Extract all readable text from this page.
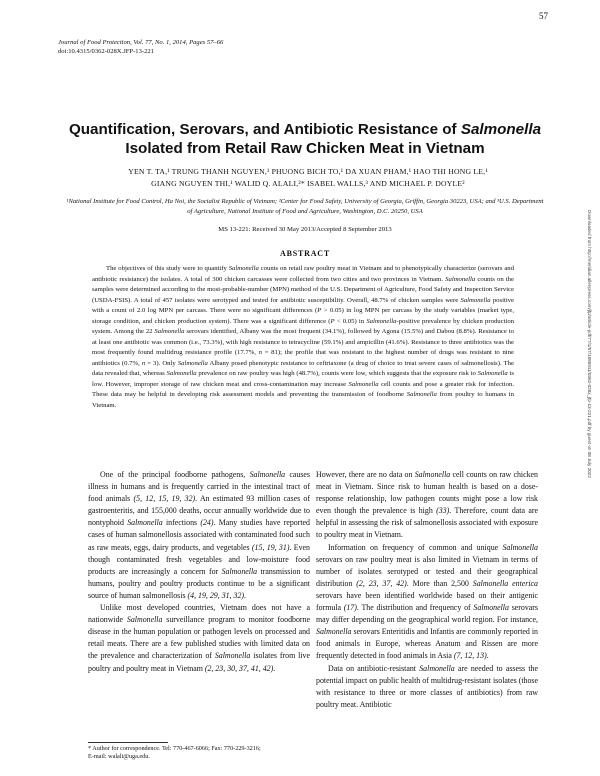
57
Journal of Food Protection, Vol. 77, No. 1, 2014, Pages 57–66
doi:10.4315/0362-028X.JFP-13-221
Quantification, Serovars, and Antibiotic Resistance of Salmonella
Isolated from Retail Raw Chicken Meat in Vietnam
YEN T. TA,¹ TRUNG THANH NGUYEN,¹ PHUONG BICH TO,¹ DA XUAN PHAM,¹ HAO THI HONG LE,¹
GIANG NGUYEN THI,¹ WALID Q. ALALI,²* ISABEL WALLS,³ AND MICHAEL P. DOYLE²
¹National Institute for Food Control, Ha Noi, the Socialist Republic of Vietnam; ²Center for Food Safety, University of Georgia, Griffin, Georgia 30223, USA; and ³U.S. Department of Agriculture, National Institute of Food and Agriculture, Washington, D.C. 20250, USA
MS 13-221: Received 30 May 2013/Accepted 8 September 2013
ABSTRACT
The objectives of this study were to quantify Salmonella counts on retail raw poultry meat in Vietnam and to phenotypically characterize (serovars and antibiotic resistance) the isolates. A total of 300 chicken carcasses were collected from two cities and two provinces in Vietnam. Salmonella counts on the samples were determined according to the most-probable-number (MPN) method of the U.S. Department of Agriculture, Food Safety and Inspection Service (USDA-FSIS). A total of 457 isolates were serotyped and tested for antibiotic susceptibility. Overall, 48.7% of chicken samples were Salmonella positive with a count of 2.0 log MPN per carcass. There were no significant differences (P > 0.05) in log MPN per carcass by the study variables (market type, storage condition, and chicken production system). There was a significant difference (P < 0.05) in Salmonella-positive prevalence by chicken production system. Among the 22 Salmonella serovars identified, Albany was the most frequent (34.1%), followed by Agona (15.5%) and Dabou (8.8%). Resistance to at least one antibiotic was common (i.e., 73.3%), with high resistance to tetracycline (59.1%) and ampicillin (41.6%). Resistance to three antibiotics was the most frequently found multidrug resistance profile (17.7%, n = 81); the profile that was resistant to the highest number of drugs was resistant to nine antibiotics (0.7%, n = 3). Only Salmonella Albany posed phenotypic resistance to ceftriaxone (a drug of choice to treat severe cases of salmonellosis). The data revealed that, whereas Salmonella prevalence on raw poultry was high (48.7%), counts were low, which suggests that the exposure risk to Salmonella is low. However, improper storage of raw chicken meat and cross-contamination may increase Salmonella cell counts and pose a greater risk for infection. These data may be helpful in developing risk assessment models and preventing the transmission of foodborne Salmonella from poultry to humans in Vietnam.

One of the principal foodborne pathogens, Salmonella causes illness in humans and is frequently carried in the intestinal tract of food animals (5, 12, 15, 19, 32). An estimated 93 million cases of gastroenteritis, and 155,000 deaths, occur annually worldwide due to nontyphoid Salmonella infections (24). Many studies have reported cases of human salmonellosis associated with contaminated food such as raw meats, eggs, dairy products, and vegetables (15, 19, 31). Even though contaminated fresh vegetables and low-moisture food products are increasingly a concern for Salmonella transmission to humans, poultry and poultry products continue to be a significant source of human salmonellosis (4, 19, 29, 31, 32).

Unlike most developed countries, Vietnam does not have a nationwide Salmonella surveillance program to monitor foodborne disease in the human population or pathogen levels on processed and retail meats. There are a few published studies with limited data on the prevalence and characterization of Salmonella isolates from live poultry and poultry meat in Vietnam (2, 23, 30, 37, 41, 42).

However, there are no data on Salmonella cell counts on raw chicken meat in Vietnam. Since risk to human health is based on a dose-response relationship, low pathogen counts might pose a low risk even though the prevalence is high (33). Therefore, count data are helpful in assessing the risk of salmonellosis associated with exposure to poultry meat in Vietnam.

Information on frequency of common and unique Salmonella serovars on raw poultry meat is also limited in Vietnam in terms of number of isolates serotyped or tested and their geographical distribution (2, 23, 37, 42). More than 2,500 Salmonella enterica serovars have been identified worldwide based on their antigenic formula (17). The distribution and frequency of Salmonella serovars may differ depending on the geographical world region. For instance, Salmonella serovars Enteritidis and Infantis are commonly reported in food animals in Europe, whereas Anatum and Rissen are more frequently detected in food animals in Asia (7, 12, 13).

Data on antibiotic-resistant Salmonella are needed to assess the potential impact on public health of multidrug-resistant isolates (those with resistance to three or more classes of antibiotics) from raw poultry meat. Antibiotic

* Author for correspondence. Tel: 770-467-6066; Fax: 770-229-3216;
E-mail: walali@uga.edu.
Downloaded from http://meridian.allenpress.com/jfp/article-pdf/77/1/57/1685911/0362-028x_jfp-13-221.pdf by guest on 08 July 2022
